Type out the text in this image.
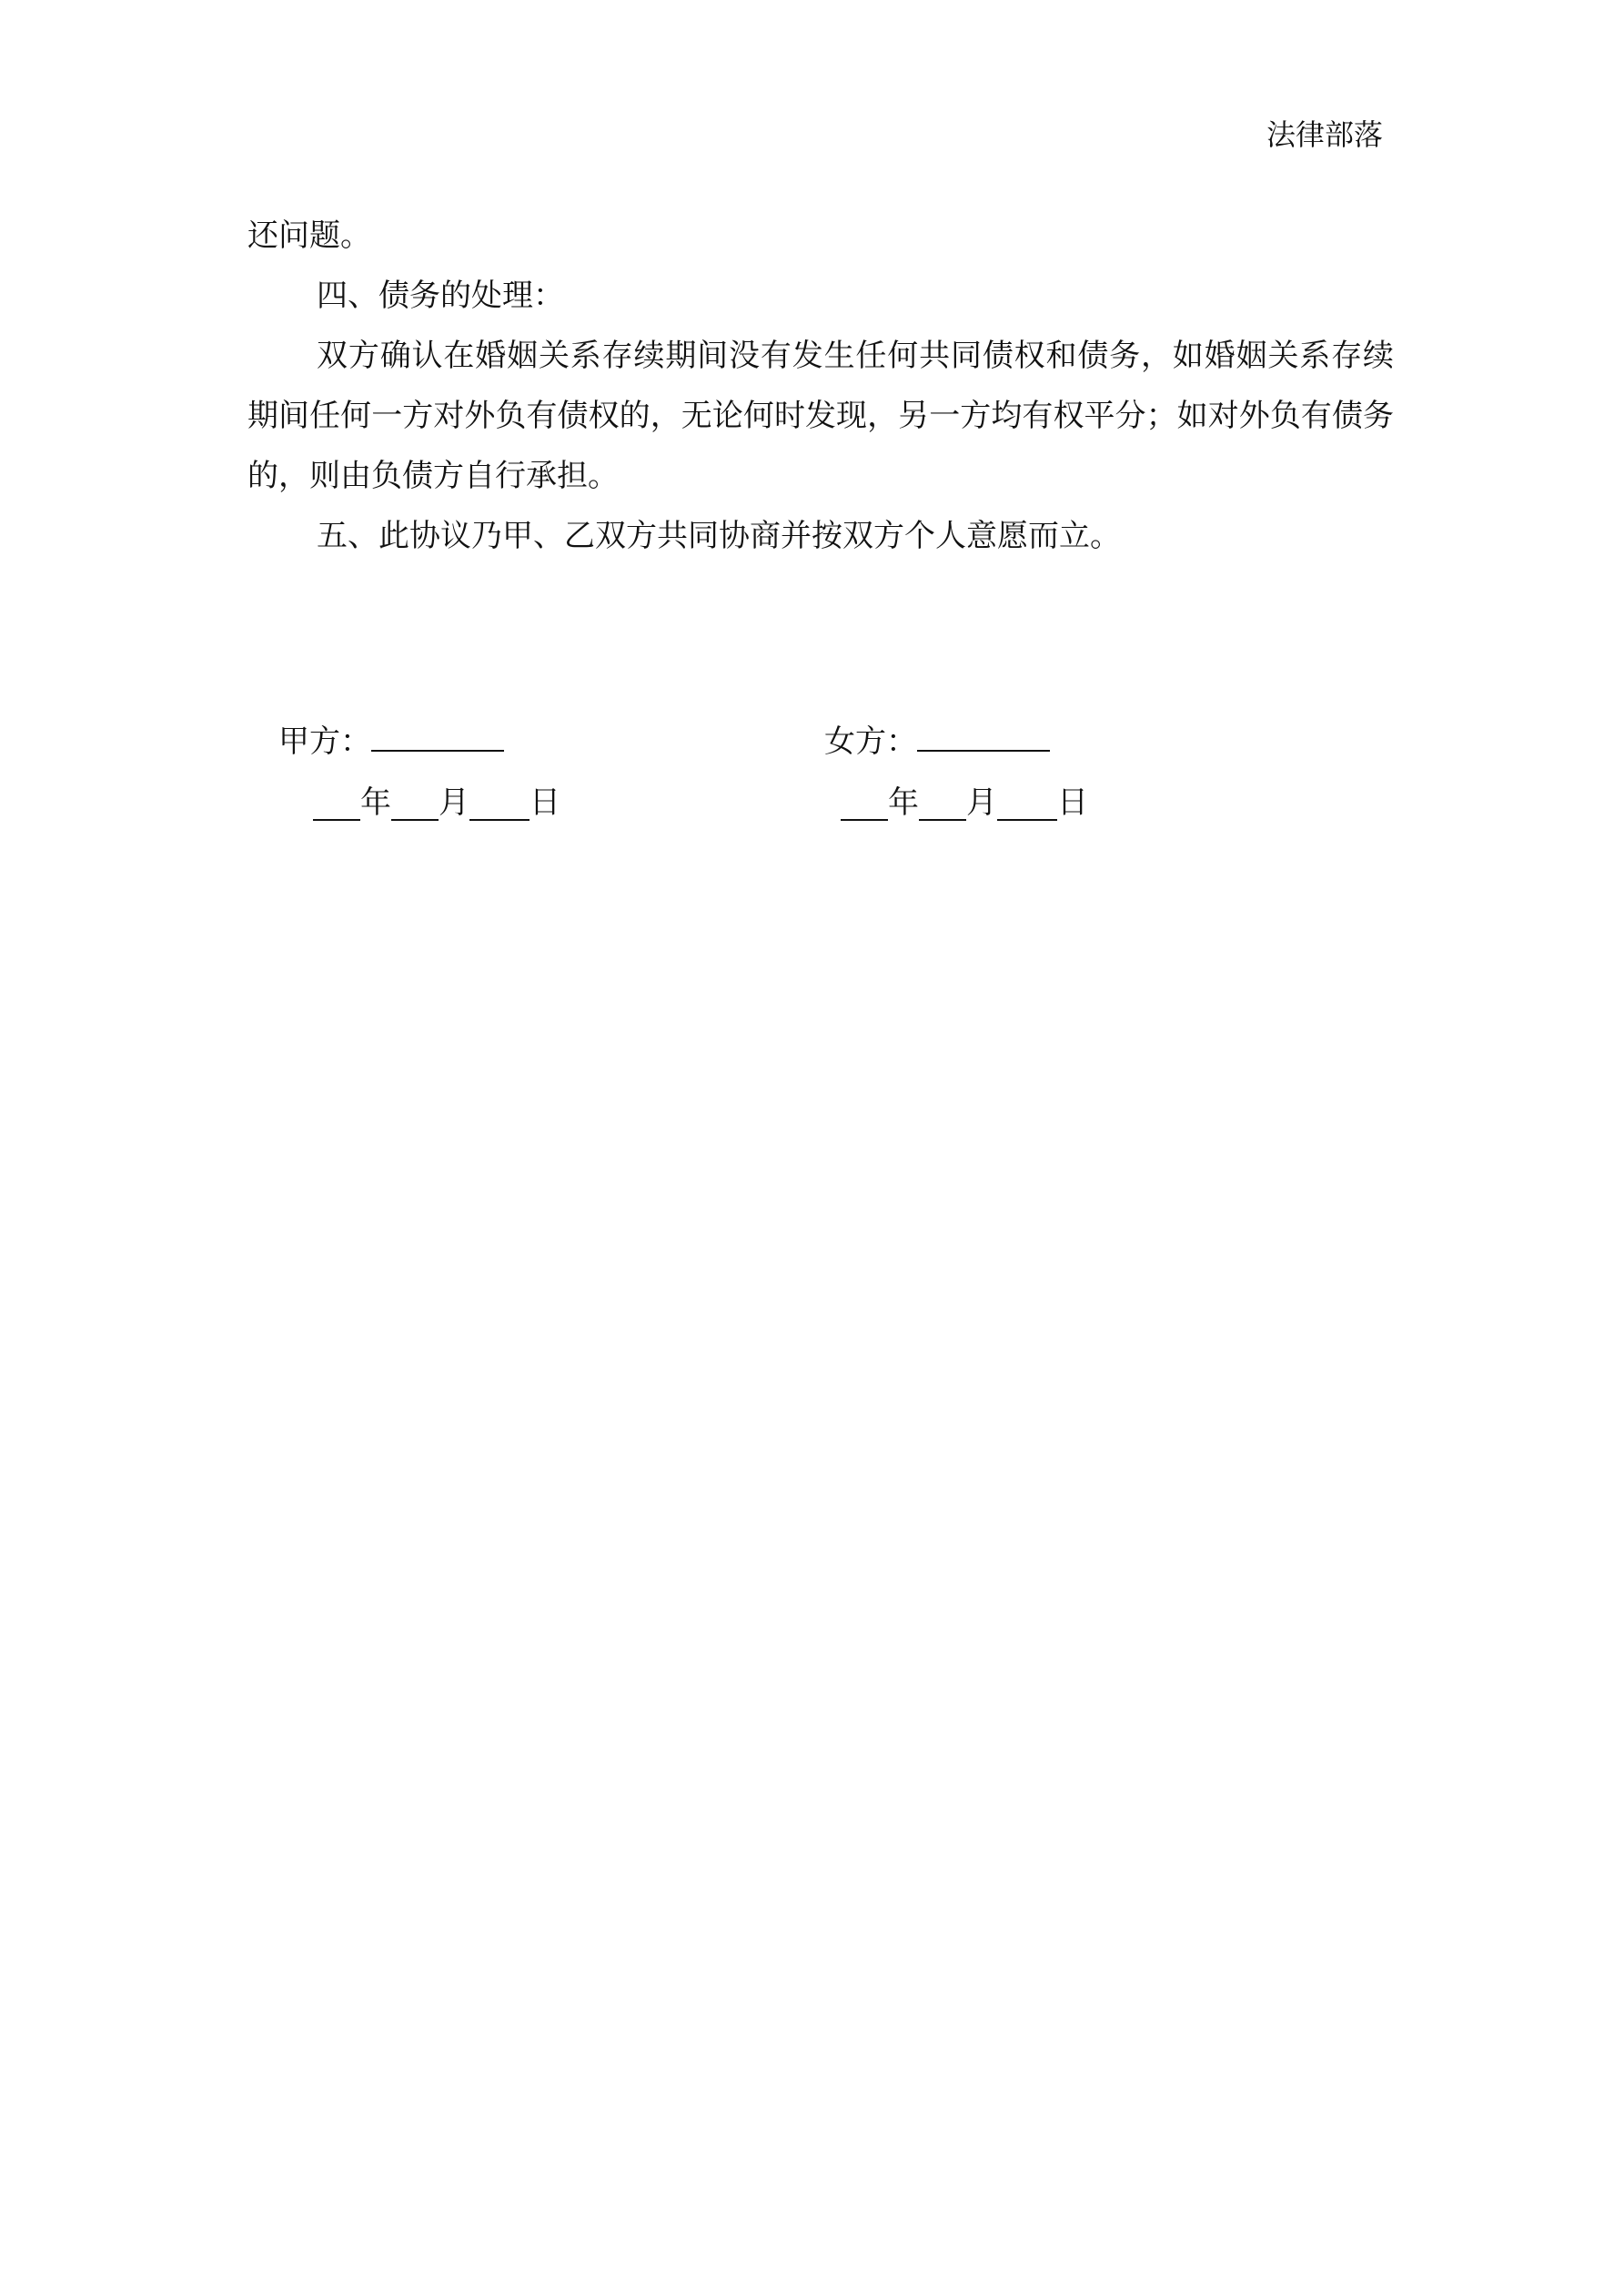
法律部落

还问题。

四、债务的处理：

双方确认在婚姻关系存续期间没有发生任何共同债权和债务，如婚姻关系存续期间任何一方对外负有债权的，无论何时发现，另一方均有权平分；如对外负有债务的，则由负债方自行承担。

五、此协议乃甲、乙双方共同协商并按双方个人意愿而立。

甲方：
年 月 日
女方：
年 月 日
